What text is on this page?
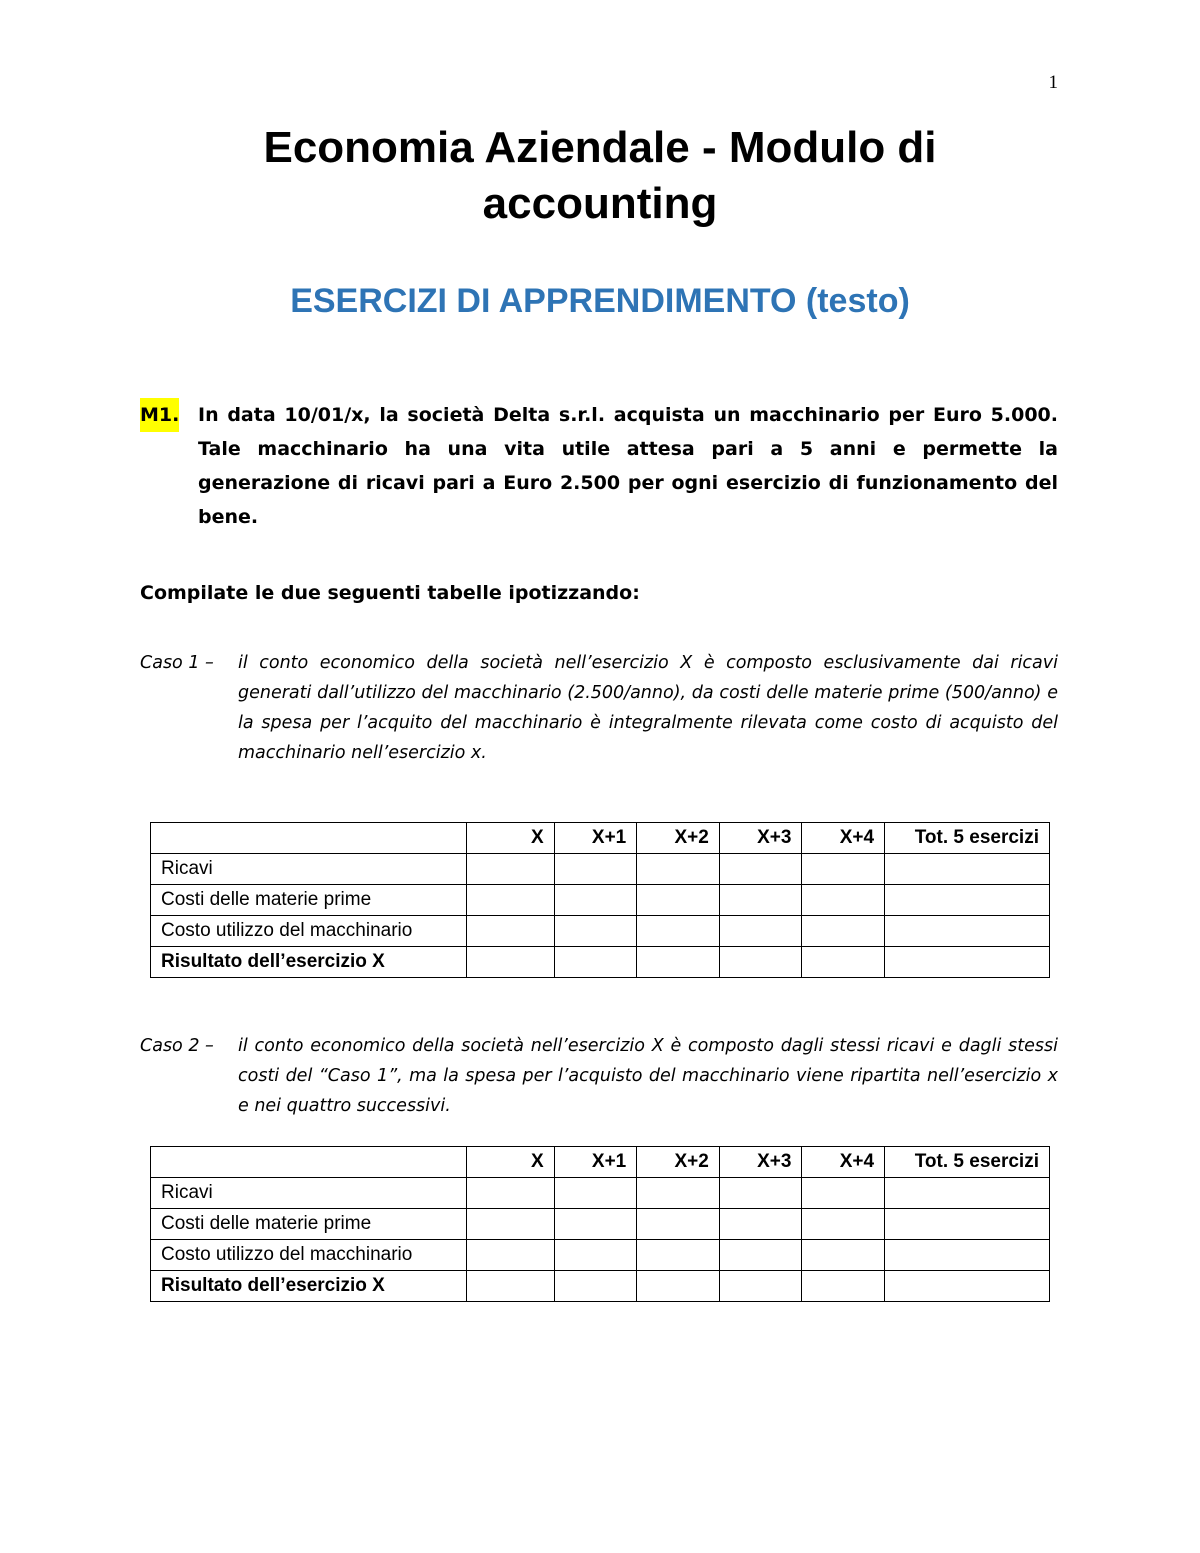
1
Economia Aziendale - Modulo di
accounting
ESERCIZI DI APPRENDIMENTO (testo)
M1. In data 10/01/x, la società Delta s.r.l. acquista un macchinario per Euro 5.000. Tale macchinario ha una vita utile attesa pari a 5 anni e permette la generazione di ricavi pari a Euro 2.500 per ogni esercizio di funzionamento del bene.
Compilate le due seguenti tabelle ipotizzando:
Caso 1 – il conto economico della società nell’esercizio X è composto esclusivamente dai ricavi generati dall’utilizzo del macchinario (2.500/anno), da costi delle materie prime (500/anno) e la spesa per l’acquito del macchinario è integralmente rilevata come costo di acquisto del macchinario nell’esercizio x.
	X	X+1	X+2	X+3	X+4	Tot. 5 esercizi
Ricavi						
Costi delle materie prime						
Costo utilizzo del macchinario						
Risultato dell’esercizio X						
Caso 2 – il conto economico della società nell’esercizio X è composto dagli stessi ricavi e dagli stessi costi del “Caso 1”, ma la spesa per l’acquisto del macchinario viene ripartita nell’esercizio x e nei quattro successivi.
	X	X+1	X+2	X+3	X+4	Tot. 5 esercizi
Ricavi						
Costi delle materie prime						
Costo utilizzo del macchinario						
Risultato dell’esercizio X						
